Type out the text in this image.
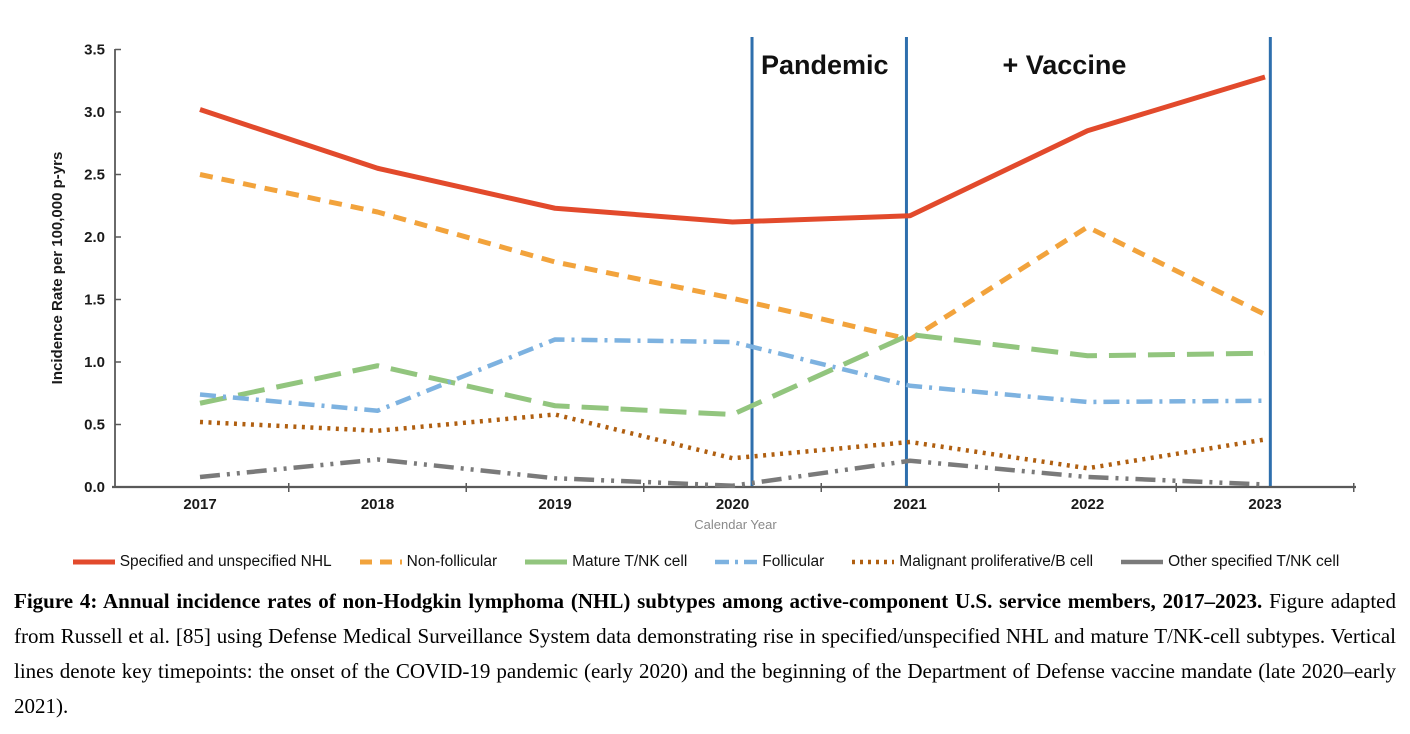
0.0
0.5
1.0
1.5
2.0
2.5
3.0
3.5
2017	2018	2019	2020	2021	2022	2023
Calendar Year
Incidence Rate per 100,000 p-yrs
Pandemic	+ Vaccine
Specified and unspecified NHL	Non-follicular	Mature T/NK cell	Follicular	Malignant proliferative/B cell	Other specified T/NK cell

Figure 4: Annual incidence rates of non-Hodgkin lymphoma (NHL) subtypes among active-component U.S. service members, 2017–2023. Figure adapted from Russell et al. [85] using Defense Medical Surveillance System data demonstrating rise in specified/unspecified NHL and mature T/NK-cell subtypes. Vertical lines denote key timepoints: the onset of the COVID-19 pandemic (early 2020) and the beginning of the Department of Defense vaccine mandate (late 2020–early 2021).
